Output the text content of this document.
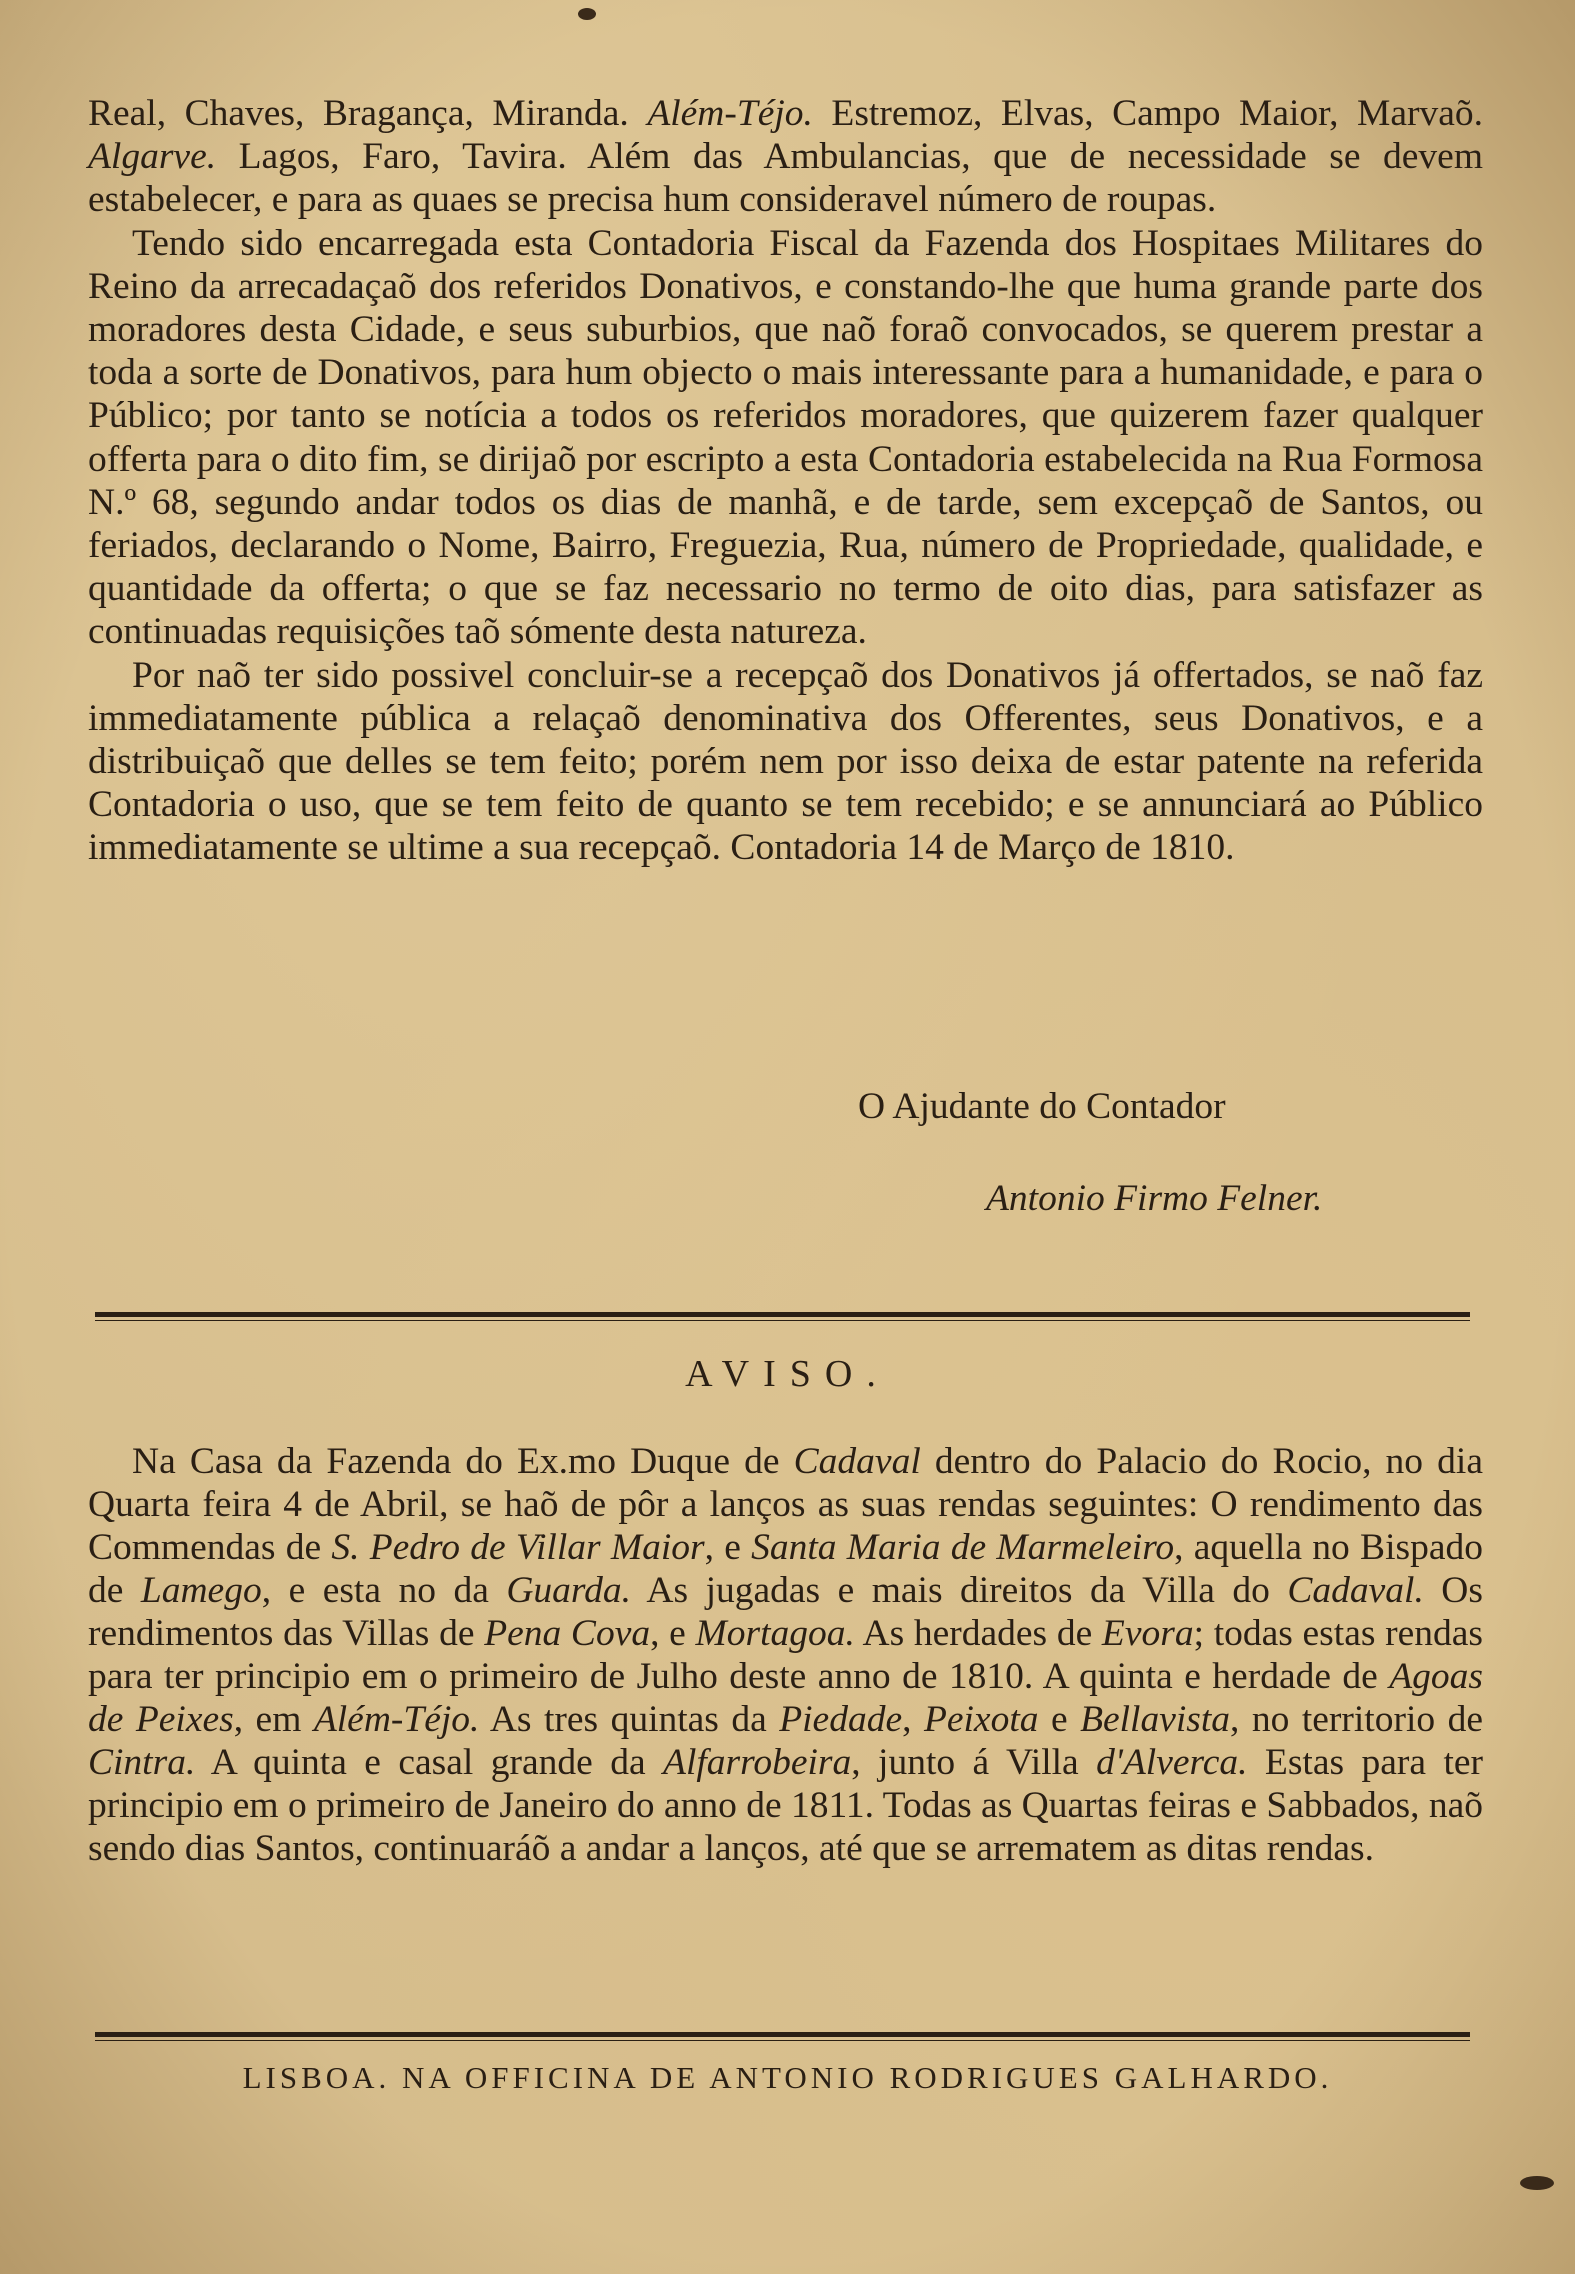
Real, Chaves, Bragança, Miranda. Além-Téjo. Estremoz, Elvas, Campo Maior, Marvaõ. Algarve. Lagos, Faro, Tavira. Além das Ambulancias, que de necessidade se devem estabelecer, e para as quaes se precisa hum consideravel número de roupas.

Tendo sido encarregada esta Contadoria Fiscal da Fazenda dos Hospitaes Militares do Reino da arrecadaçaõ dos referidos Donativos, e constando-lhe que huma grande parte dos moradores desta Cidade, e seus suburbios, que naõ foraõ convocados, se querem prestar a toda a sorte de Donativos, para hum objecto o mais interessante para a humanidade, e para o Público; por tanto se notícia a todos os referidos moradores, que quizerem fazer qualquer offerta para o dito fim, se dirijaõ por escripto a esta Contadoria estabelecida na Rua Formosa N.º 68, segundo andar todos os dias de manhã, e de tarde, sem excepçaõ de Santos, ou feriados, declarando o Nome, Bairro, Freguezia, Rua, número de Propriedade, qualidade, e quantidade da offerta; o que se faz necessario no termo de oito dias, para satisfazer as continuadas requisições taõ sómente desta natureza.

Por naõ ter sido possivel concluir-se a recepçaõ dos Donativos já offertados, se naõ faz immediatamente pública a relaçaõ denominativa dos Offerentes, seus Donativos, e a distribuiçaõ que delles se tem feito; porém nem por isso deixa de estar patente na referida Contadoria o uso, que se tem feito de quanto se tem recebido; e se annunciará ao Público immediatamente se ultime a sua recepçaõ. Contadoria 14 de Março de 1810.

O Ajudante do Contador
Antonio Firmo Felner.
AVISO.

Na Casa da Fazenda do Ex.mo Duque de Cadaval dentro do Palacio do Rocio, no dia Quarta feira 4 de Abril, se haõ de pôr a lanços as suas rendas seguintes: O rendimento das Commendas de S. Pedro de Villar Maior, e Santa Maria de Marmeleiro, aquella no Bispado de Lamego, e esta no da Guarda. As jugadas e mais direitos da Villa do Cadaval. Os rendimentos das Villas de Pena Cova, e Mortagoa. As herdades de Evora; todas estas rendas para ter principio em o primeiro de Julho deste anno de 1810. A quinta e herdade de Agoas de Peixes, em Além-Téjo. As tres quintas da Piedade, Peixota e Bellavista, no territorio de Cintra. A quinta e casal grande da Alfarrobeira, junto á Villa d'Alverca. Estas para ter principio em o primeiro de Janeiro do anno de 1811. Todas as Quartas feiras e Sabbados, naõ sendo dias Santos, continuaráõ a andar a lanços, até que se arrematem as ditas rendas.

LISBOA. NA OFFICINA DE ANTONIO RODRIGUES GALHARDO.
